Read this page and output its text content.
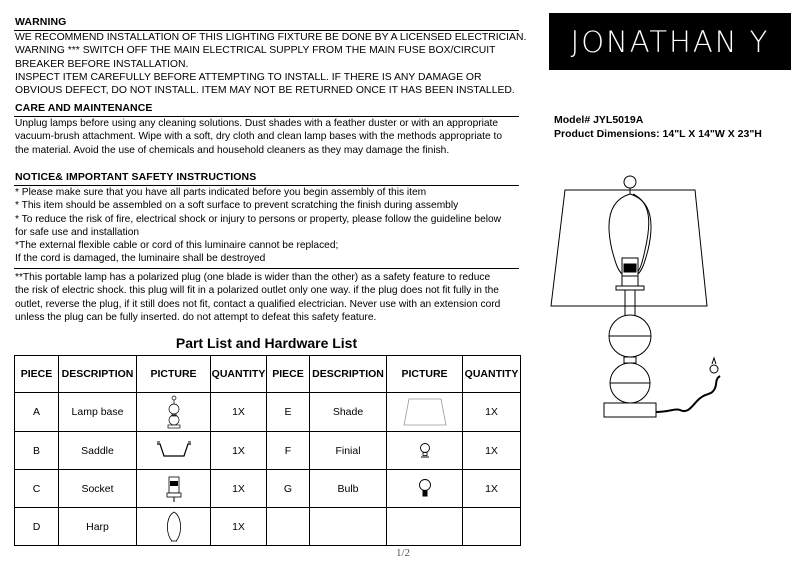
WARNING
WE RECOMMEND INSTALLATION OF THIS LIGHTING FIXTURE BE DONE BY A LICENSED ELECTRICIAN.
WARNING *** SWITCH OFF THE MAIN ELECTRICAL SUPPLY FROM THE MAIN FUSE BOX/CIRCUIT
BREAKER BEFORE INSTALLATION.
INSPECT ITEM CAREFULLY BEFORE ATTEMPTING TO INSTALL. IF THERE IS ANY DAMAGE OR
OBVIOUS DEFECT, DO NOT INSTALL. ITEM MAY NOT BE RETURNED ONCE IT HAS BEEN INSTALLED.
CARE AND MAINTENANCE
Unplug lamps before using any cleaning solutions. Dust shades with a feather duster or with an appropriate
vacuum-brush attachment. Wipe with a soft, dry cloth and clean lamp bases with the methods appropriate to
the material. Avoid the use of chemicals and household cleaners as they may damage the finish.
NOTICE& IMPORTANT SAFETY INSTRUCTIONS
* Please make sure that you have all parts indicated before you begin assembly of this item
* This item should be assembled on a soft surface to prevent scratching the finish during assembly
* To reduce the risk of fire, electrical shock or injury to persons or property, please follow the guideline below
for safe use and installation
*The external flexible cable or cord of this luminaire cannot be replaced;
If the cord is damaged, the luminaire shall be destroyed
**This portable lamp has a polarized plug (one blade is wider than the other) as a safety feature to reduce
the risk of electric shock. this plug will fit in a polarized outlet only one way. if the plug does not fit fully in the
outlet, reverse the plug, if it still does not fit, contact a qualified electrician. Never use with an extension cord
unless the plug can be fully inserted. do not attempt to defeat this safety feature.
JONATHAN Y
Model# JYL5019A
Product Dimensions: 14"L X 14"W X 23"H
Part List and Hardware List
PIECE	DESCRIPTION	PICTURE	QUANTITY	PIECE	DESCRIPTION	PICTURE	QUANTITY
A	Lamp base		1X	E	Shade		1X
B	Saddle		1X	F	Finial		1X
C	Socket		1X	G	Bulb		1X
D	Harp		1X				
1/2
